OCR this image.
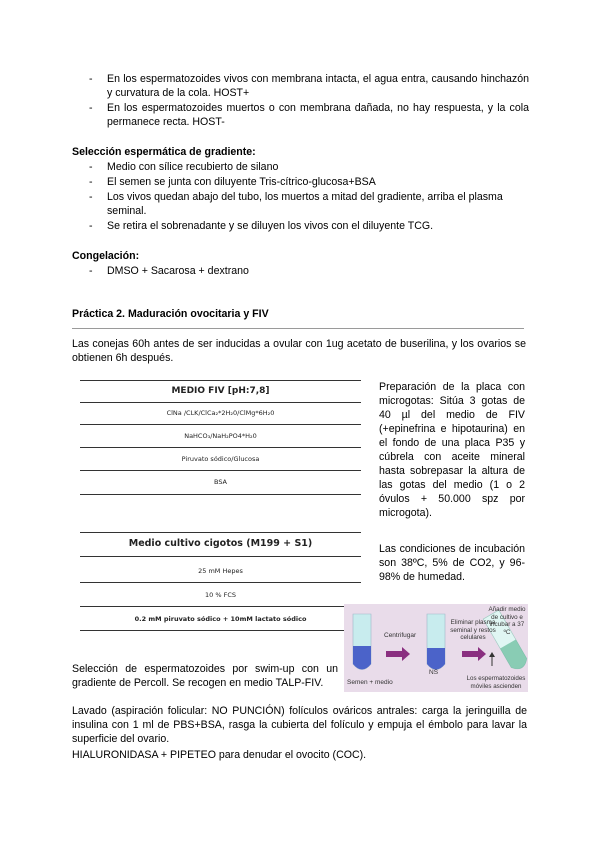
- En los espermatozoides vivos con membrana intacta, el agua entra, causando hinchazón y curvatura de la cola. HOST+
- En los espermatozoides muertos o con membrana dañada, no hay respuesta, y la cola permanece recta. HOST-
Selección espermática de gradiente:
- Medio con sílice recubierto de silano
- El semen se junta con diluyente Tris-cítrico-glucosa+BSA
- Los vivos quedan abajo del tubo, los muertos a mitad del gradiente, arriba el plasma seminal.
- Se retira el sobrenadante y se diluyen los vivos con el diluyente TCG.
Congelación:
- DMSO + Sacarosa + dextrano
Práctica 2. Maduración ovocitaria y FIV
Las conejas 60h antes de ser inducidas a ovular con 1ug acetato de buserilina, y los ovarios se obtienen 6h después.
MEDIO FIV [pH:7,8]
ClNa /CLK/ClCa₂*2H₂0/ClMg*6H₂0
NaHCO₃/NaH₂PO4*H₂0
Piruvato sódico/Glucosa
BSA
Medio cultivo cigotos (M199 + S1)
25 mM Hepes
10 % FCS
0.2 mM piruvato sódico + 10mM lactato sódico
Preparación de la placa con microgotas: Sitúa 3 gotas de 40 µl del medio de FIV (+epinefrina e hipotaurina) en el fondo de una placa P35 y cúbrela con aceite mineral hasta sobrepasar la altura de las gotas del medio (1 o 2 óvulos + 50.000 spz por microgota).
Las condiciones de incubación son 38ºC, 5% de CO2, y 96-98% de humedad.
Centrifugar
Eliminar plasma seminal y restos celulares
Añadir medio de cultivo e incubar a 37 ºC
Semen + medio
NS
Los espermatozoides móviles ascienden
Selección de espermatozoides por swim-up con un gradiente de Percoll. Se recogen en medio TALP-FIV.
Lavado (aspiración folicular: NO PUNCIÓN) folículos ováricos antrales: carga la jeringuilla de insulina con 1 ml de PBS+BSA, rasga la cubierta del folículo y empuja el émbolo para lavar la superficie del ovario.
HIALURONIDASA + PIPETEO para denudar el ovocito (COC).
